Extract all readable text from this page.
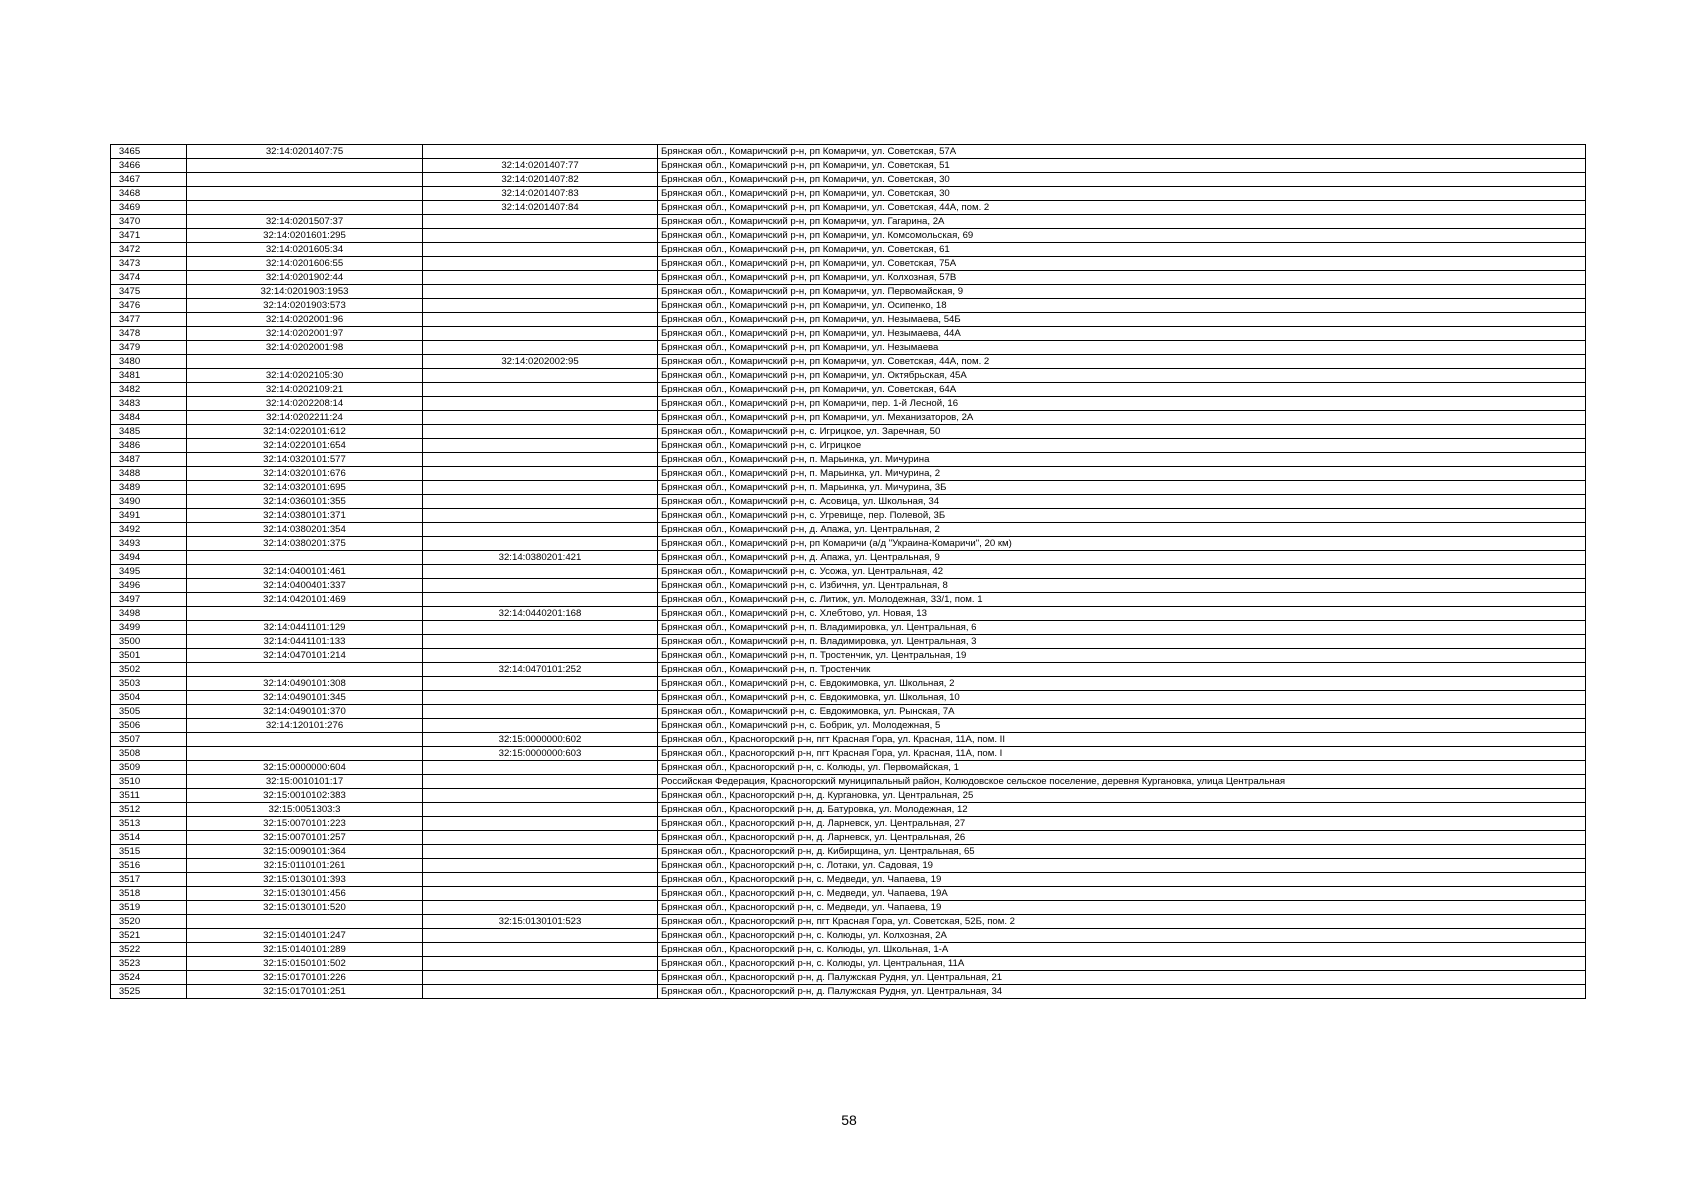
3465	32:14:0201407:75		Брянская обл., Комаричский р-н, рп Комаричи, ул. Советская, 57А
3466		32:14:0201407:77	Брянская обл., Комаричский р-н, рп Комаричи, ул. Советская, 51
3467		32:14:0201407:82	Брянская обл., Комаричский р-н, рп Комаричи, ул. Советская, 30
3468		32:14:0201407:83	Брянская обл., Комаричский р-н, рп Комаричи, ул. Советская, 30
3469		32:14:0201407:84	Брянская обл., Комаричский р-н, рп Комаричи, ул. Советская, 44А, пом. 2
3470	32:14:0201507:37		Брянская обл., Комаричский р-н, рп Комаричи, ул. Гагарина, 2А
3471	32:14:0201601:295		Брянская обл., Комаричский р-н, рп Комаричи, ул. Комсомольская, 69
3472	32:14:0201605:34		Брянская обл., Комаричский р-н, рп Комаричи, ул. Советская, 61
3473	32:14:0201606:55		Брянская обл., Комаричский р-н, рп Комаричи, ул. Советская, 75А
3474	32:14:0201902:44		Брянская обл., Комаричский р-н, рп Комаричи, ул. Колхозная, 57В
3475	32:14:0201903:1953		Брянская обл., Комаричский р-н, рп Комаричи, ул. Первомайская, 9
3476	32:14:0201903:573		Брянская обл., Комаричский р-н, рп Комаричи, ул. Осипенко, 18
3477	32:14:0202001:96		Брянская обл., Комаричский р-н, рп Комаричи, ул. Незымаева, 54Б
3478	32:14:0202001:97		Брянская обл., Комаричский р-н, рп Комаричи, ул. Незымаева, 44А
3479	32:14:0202001:98		Брянская обл., Комаричский р-н, рп Комаричи, ул. Незымаева
3480		32:14:0202002:95	Брянская обл., Комаричский р-н, рп Комаричи, ул. Советская, 44А, пом. 2
3481	32:14:0202105:30		Брянская обл., Комаричский р-н, рп Комаричи, ул. Октябрьская, 45А
3482	32:14:0202109:21		Брянская обл., Комаричский р-н, рп Комаричи, ул. Советская, 64А
3483	32:14:0202208:14		Брянская обл., Комаричский р-н, рп Комаричи, пер. 1-й Лесной, 16
3484	32:14:0202211:24		Брянская обл., Комаричский р-н, рп Комаричи, ул. Механизаторов, 2А
3485	32:14:0220101:612		Брянская обл., Комаричский р-н, с. Игрицкое, ул. Заречная, 50
3486	32:14:0220101:654		Брянская обл., Комаричский р-н, с. Игрицкое
3487	32:14:0320101:577		Брянская обл., Комаричский р-н, п. Марьинка, ул. Мичурина
3488	32:14:0320101:676		Брянская обл., Комаричский р-н, п. Марьинка, ул. Мичурина, 2
3489	32:14:0320101:695		Брянская обл., Комаричский р-н, п. Марьинка, ул. Мичурина, 3Б
3490	32:14:0360101:355		Брянская обл., Комаричский р-н, с. Асовица, ул. Школьная, 34
3491	32:14:0380101:371		Брянская обл., Комаричский р-н, с. Угревище, пер. Полевой, 3Б
3492	32:14:0380201:354		Брянская обл., Комаричский р-н, д. Апажа, ул. Центральная, 2
3493	32:14:0380201:375		Брянская обл., Комаричский р-н, рп Комаричи (а/д "Украина-Комаричи", 20 км)
3494		32:14:0380201:421	Брянская обл., Комаричский р-н, д. Апажа, ул. Центральная, 9
3495	32:14:0400101:461		Брянская обл., Комаричский р-н, с. Усожа, ул. Центральная, 42
3496	32:14:0400401:337		Брянская обл., Комаричский р-н, с. Избичня, ул. Центральная, 8
3497	32:14:0420101:469		Брянская обл., Комаричский р-н, с. Литиж, ул. Молодежная, 33/1, пом. 1
3498		32:14:0440201:168	Брянская обл., Комаричский р-н, с. Хлебтово, ул. Новая, 13
3499	32:14:0441101:129		Брянская обл., Комаричский р-н, п. Владимировка, ул. Центральная, 6
3500	32:14:0441101:133		Брянская обл., Комаричский р-н, п. Владимировка, ул. Центральная, 3
3501	32:14:0470101:214		Брянская обл., Комаричский р-н, п. Тростенчик, ул. Центральная, 19
3502		32:14:0470101:252	Брянская обл., Комаричский р-н, п. Тростенчик
3503	32:14:0490101:308		Брянская обл., Комаричский р-н, с. Евдокимовка, ул. Школьная, 2
3504	32:14:0490101:345		Брянская обл., Комаричский р-н, с. Евдокимовка, ул. Школьная, 10
3505	32:14:0490101:370		Брянская обл., Комаричский р-н, с. Евдокимовка, ул. Рынская, 7А
3506	32:14:120101:276		Брянская обл., Комаричский р-н, с. Бобрик, ул. Молодежная, 5
3507		32:15:0000000:602	Брянская обл., Красногорский р-н, пгт Красная Гора, ул. Красная, 11А, пом. II
3508		32:15:0000000:603	Брянская обл., Красногорский р-н, пгт Красная Гора, ул. Красная, 11А, пом. I
3509	32:15:0000000:604		Брянская обл., Красногорский р-н, с. Колюды, ул. Первомайская, 1
3510	32:15:0010101:17		Российская Федерация, Красногорский муниципальный район, Колюдовское сельское поселение, деревня Кургановка, улица Центральная
3511	32:15:0010102:383		Брянская обл., Красногорский р-н, д. Кургановка, ул. Центральная, 25
3512	32:15:0051303:3		Брянская обл., Красногорский р-н, д. Батуровка, ул. Молодежная, 12
3513	32:15:0070101:223		Брянская обл., Красногорский р-н, д. Ларневск, ул. Центральная, 27
3514	32:15:0070101:257		Брянская обл., Красногорский р-н, д. Ларневск, ул. Центральная, 26
3515	32:15:0090101:364		Брянская обл., Красногорский р-н, д. Кибирщина, ул. Центральная, 65
3516	32:15:0110101:261		Брянская обл., Красногорский р-н, с. Лотаки, ул. Садовая, 19
3517	32:15:0130101:393		Брянская обл., Красногорский р-н, с. Медведи, ул. Чапаева, 19
3518	32:15:0130101:456		Брянская обл., Красногорский р-н, с. Медведи, ул. Чапаева, 19А
3519	32:15:0130101:520		Брянская обл., Красногорский р-н, с. Медведи, ул. Чапаева, 19
3520		32:15:0130101:523	Брянская обл., Красногорский р-н, пгт Красная Гора, ул. Советская, 52Б, пом. 2
3521	32:15:0140101:247		Брянская обл., Красногорский р-н, с. Колюды, ул. Колхозная, 2А
3522	32:15:0140101:289		Брянская обл., Красногорский р-н, с. Колюды, ул. Школьная, 1-А
3523	32:15:0150101:502		Брянская обл., Красногорский р-н, с. Колюды, ул. Центральная, 11А
3524	32:15:0170101:226		Брянская обл., Красногорский р-н, д. Палужская Рудня, ул. Центральная, 21
3525	32:15:0170101:251		Брянская обл., Красногорский р-н, д. Палужская Рудня, ул. Центральная, 34
58
